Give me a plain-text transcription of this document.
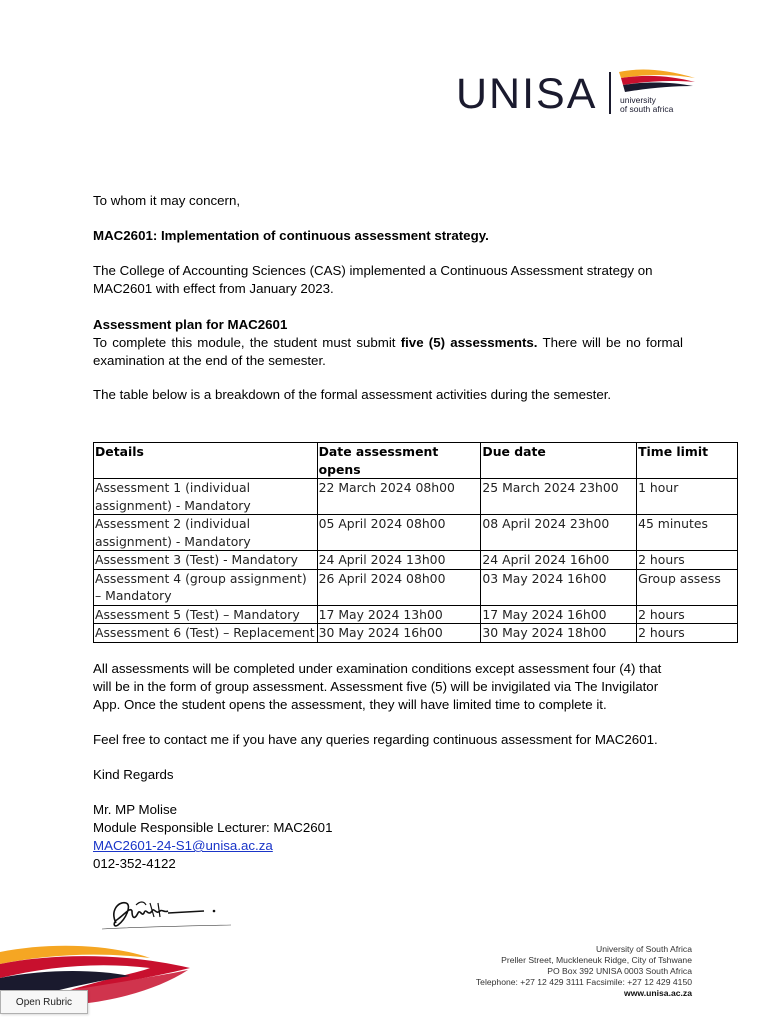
UNISA	university
of south africa

To whom it may concern,

MAC2601: Implementation of continuous assessment strategy.

The College of Accounting Sciences (CAS) implemented a Continuous Assessment strategy on
MAC2601 with effect from January 2023.

Assessment plan for MAC2601

To complete this module, the student must submit five (5) assessments. There will be no formal examination at the end of the semester.

The table below is a breakdown of the formal assessment activities during the semester.

Details	Date assessment opens	Due date	Time limit
Assessment 1 (individual assignment) - Mandatory	22 March 2024 08h00	25 March 2024 23h00	1 hour
Assessment 2 (individual assignment) - Mandatory	05 April 2024 08h00	08 April 2024 23h00	45 minutes
Assessment 3 (Test) - Mandatory	24 April 2024 13h00	24 April 2024 16h00	2 hours
Assessment 4 (group assignment) – Mandatory	26 April 2024 08h00	03 May 2024 16h00	Group assess
Assessment 5 (Test) – Mandatory	17 May 2024 13h00	17 May 2024 16h00	2 hours
Assessment 6 (Test) – Replacement	30 May 2024 16h00	30 May 2024 18h00	2 hours
All assessments will be completed under examination conditions except assessment four (4) that
will be in the form of group assessment. Assessment five (5) will be invigilated via The Invigilator
App. Once the student opens the assessment, they will have limited time to complete it.

Feel free to contact me if you have any queries regarding continuous assessment for MAC2601.

Kind Regards

Mr. MP Molise
Module Responsible Lecturer: MAC2601
MAC2601-24-S1@unisa.ac.za
012-352-4122
Open Rubric
University of South Africa
Preller Street, Muckleneuk Ridge, City of Tshwane
PO Box 392 UNISA 0003 South Africa
Telephone: +27 12 429 3111 Facsimile: +27 12 429 4150
www.unisa.ac.za
